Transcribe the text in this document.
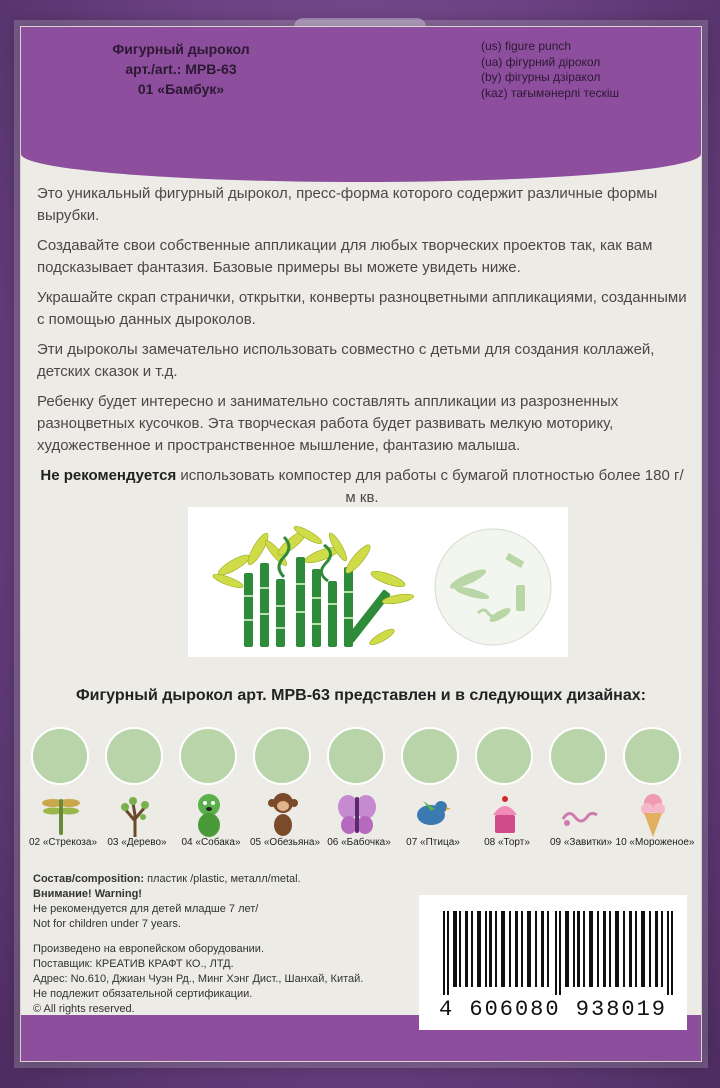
Фигурный дырокол
арт./art.: МРВ-63
01 «Бамбук»
(us) figure punch
(ua) фігурний дірокол
(by) фігурны дзіракол
(kaz) тағымәнерлі тескіш

Это уникальный фигурный дырокол, пресс-форма которого содержит различные формы вырубки.

Создавайте свои собственные аппликации для любых творческих проектов так, как вам подсказывает фантазия. Базовые примеры вы можете увидеть ниже.

Украшайте скрап странички, открытки, конверты разноцветными аппликациями, созданными с помощью данных дыроколов.

Эти дыроколы замечательно использовать совместно с детьми для создания коллажей, детских сказок и т.д.

Ребенку будет интересно и занимательно составлять аппликации из разрозненных разноцветных кусочков. Эта творческая работа будет развивать мелкую моторику, художественное и пространственное мышление, фантазию малыша.

Не рекомендуется использовать компостер для работы с бумагой плотностью более 180 г/м кв.

Фигурный дырокол арт. МРВ-63 представлен и в следующих дизайнах:
02 «Стрекоза»	03 «Дерево»	04 «Собака» 05 «Обезьяна» 06 «Бабочка»	07 «Птица»	08 «Торт»	09 «Завитки» 10 «Мороженое»

Состав/composition: пластик /plastic, металл/metal.

Внимание! Warning!

Не рекомендуется для детей младше 7 лет/

Not for children under 7 years.

Произведено на европейском оборудовании.

Поставщик: КРЕАТИВ КРАФТ КО., ЛТД.

Адрес: No.610, Джиан Чуэн Рд., Минг Хэнг Дист., Шанхай, Китай.

Не подлежит обязательной сертификации.

© All rights reserved.	4 606080 938019
